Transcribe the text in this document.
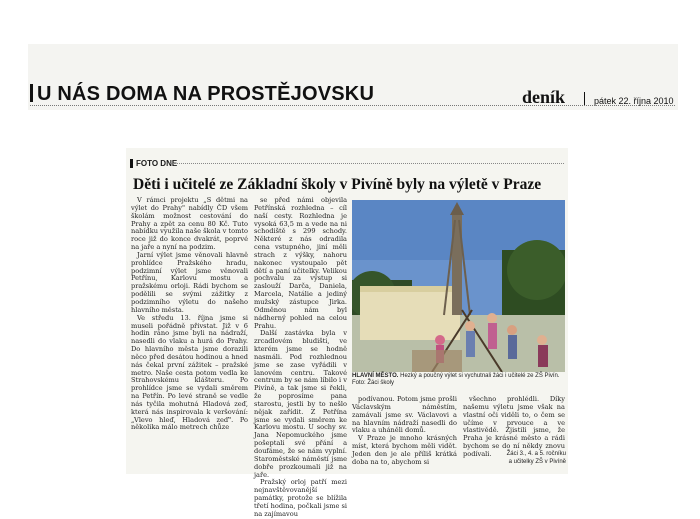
U NÁS DOMA NA PROSTĚJOVSKU	deník	pátek 22. října 2010
FOTO DNE
Děti i učitelé ze Základní školy v Pivíně byly na výletě v Praze

V rámci projektu „S dětmi na výlet do Prahy" nabídly ČD všem školám možnost cestování do Prahy a zpět za cenu 80 Kč. Tuto nabídku využila naše škola v tomto roce již do konce dvakrát, poprvé na jaře a nyní na podzim.

Jarní výlet jsme věnovali hlavně prohlídce Pražského hradu, podzimní výlet jsme věnovali Petřínu, Karlovu mostu a pražskému orloji. Rádi bychom se podělili se svými zážitky z podzimního výletu do našeho hlavního města.

Ve středu 13. října jsme si museli pořádně přivstat. Již v 6 hodin ráno jsme byli na nádraží, nasedli do vlaku a hurá do Prahy. Do hlavního města jsme dorazili něco před desátou hodinou a hned nás čekal první zážitek – pražské metro. Naše cesta potom vedla ke Strahovskému klášteru. Po prohlídce jsme se vydali směrem na Petřín. Po levé straně se vedle nás tyčila mohutná Hladová zeď, která nás inspirovala k veršování: „Vlevo hleď, Hladová zeď". Po několika málo metrech chůze

se před námi objevila Petřínská rozhledna – cíl naší cesty. Rozhledna je vysoká 63,5 m a vede na ni schodiště s 299 schody. Některé z nás odradila cena vstupného, jiní měli strach z výšky, nahoru nakonec vystoupalo pět dětí a paní učitelky. Velikou pochvalu za výstup si zaslouží Darča, Daniela, Marcela, Natálie a jediný mužský zástupce Jirka. Odměnou nám byl nádherný pohled na celou Prahu.

Další zastávka byla v zrcadlovém bludišti, ve kterém jsme se hodně nasmáli. Pod rozhlednou jsme se zase vyřádili v lanovém centru. Takové centrum by se nám líbilo i v Pivíně, a tak jsme si řekli, že poprosíme pana starostu, jestli by to nešlo nějak zařídit. Z Petřína jsme se vydali směrem ke Karlovu mostu. U sochy sv. Jana Nepomuckého jsme pošeptali své přání a doufáme, že se nám vyplní. Staroměstské náměstí jsme dobře prozkoumali již na jaře.

Pražský orloj patří mezi nejnavštěvovanější památky, protože se blížila třetí hodina, počkali jsme si na zajímavou

HLAVNÍ MĚSTO. Hezký a poučný výlet si vychutnali žáci i učitelé ze ZŠ Pivín. Foto: Žáci školy

podívanou. Potom jsme prošli Václavským náměstím, zamávali jsme sv. Václavovi a na hlavním nádraží nasedli do vlaku a uháněli domů.

V Praze je mnoho krásných míst, která bychom měli vidět. Jeden den je ale příliš krátká doba na to, abychom si

všechno prohlédli. Díky našemu výletu jsme však na vlastní oči viděli to, o čem se učíme v prvouce a ve vlastivědě. Zjistili jsme, že Praha je krásné město a rádi bychom se do ní někdy znovu podívali.	Žáci 3., 4. a 5. ročníku
a učitelky ZŠ v Pivíně
